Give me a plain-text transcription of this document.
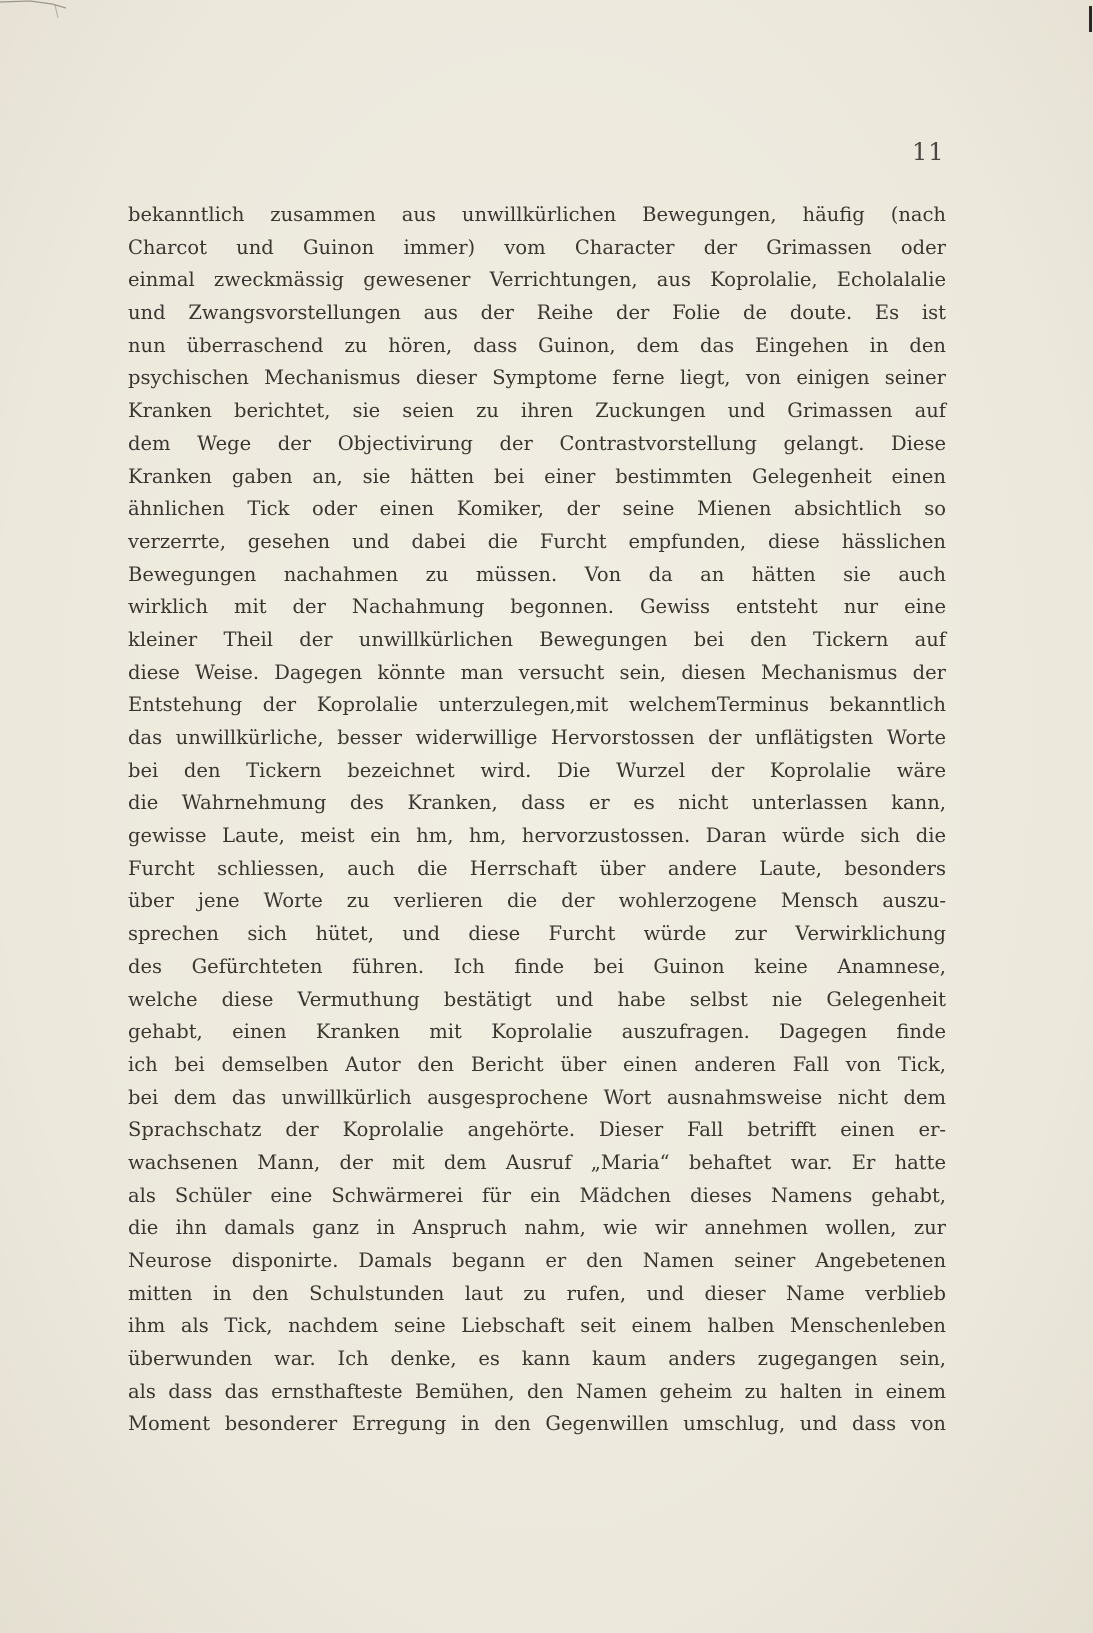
11
bekanntlich zusammen aus unwillkürlichen Bewegungen, häufig (nach
Charcot und Guinon immer) vom Character der Grimassen oder
einmal zweckmässig gewesener Verrichtungen, aus Koprolalie, Echolalalie
und Zwangsvorstellungen aus der Reihe der Folie de doute. Es ist
nun überraschend zu hören, dass Guinon, dem das Eingehen in den
psychischen Mechanismus dieser Symptome ferne liegt, von einigen seiner
Kranken berichtet, sie seien zu ihren Zuckungen und Grimassen auf
dem Wege der Objectivirung der Contrastvorstellung gelangt. Diese
Kranken gaben an, sie hätten bei einer bestimmten Gelegenheit einen
ähnlichen Tick oder einen Komiker, der seine Mienen absichtlich so
verzerrte, gesehen und dabei die Furcht empfunden, diese hässlichen
Bewegungen nachahmen zu müssen. Von da an hätten sie auch
wirklich mit der Nachahmung begonnen. Gewiss entsteht nur eine
kleiner Theil der unwillkürlichen Bewegungen bei den Tickern auf
diese Weise. Dagegen könnte man versucht sein, diesen Mechanismus der
Entstehung der Koprolalie unterzulegen,mit welchemTerminus bekanntlich
das unwillkürliche, besser widerwillige Hervorstossen der unflätigsten Worte
bei den Tickern bezeichnet wird. Die Wurzel der Koprolalie wäre
die Wahrnehmung des Kranken, dass er es nicht unterlassen kann,
gewisse Laute, meist ein hm, hm, hervorzustossen. Daran würde sich die
Furcht schliessen, auch die Herrschaft über andere Laute, besonders
über jene Worte zu verlieren die der wohlerzogene Mensch auszu-
sprechen sich hütet, und diese Furcht würde zur Verwirklichung
des Gefürchteten führen. Ich finde bei Guinon keine Anamnese,
welche diese Vermuthung bestätigt und habe selbst nie Gelegenheit
gehabt, einen Kranken mit Koprolalie auszufragen. Dagegen finde
ich bei demselben Autor den Bericht über einen anderen Fall von Tick,
bei dem das unwillkürlich ausgesprochene Wort ausnahmsweise nicht dem
Sprachschatz der Koprolalie angehörte. Dieser Fall betrifft einen er-
wachsenen Mann, der mit dem Ausruf „Maria“ behaftet war. Er hatte
als Schüler eine Schwärmerei für ein Mädchen dieses Namens gehabt,
die ihn damals ganz in Anspruch nahm, wie wir annehmen wollen, zur
Neurose disponirte. Damals begann er den Namen seiner Angebetenen
mitten in den Schulstunden laut zu rufen, und dieser Name verblieb
ihm als Tick, nachdem seine Liebschaft seit einem halben Menschenleben
überwunden war. Ich denke, es kann kaum anders zugegangen sein,
als dass das ernsthafteste Bemühen, den Namen geheim zu halten in einem
Moment besonderer Erregung in den Gegenwillen umschlug, und dass von
